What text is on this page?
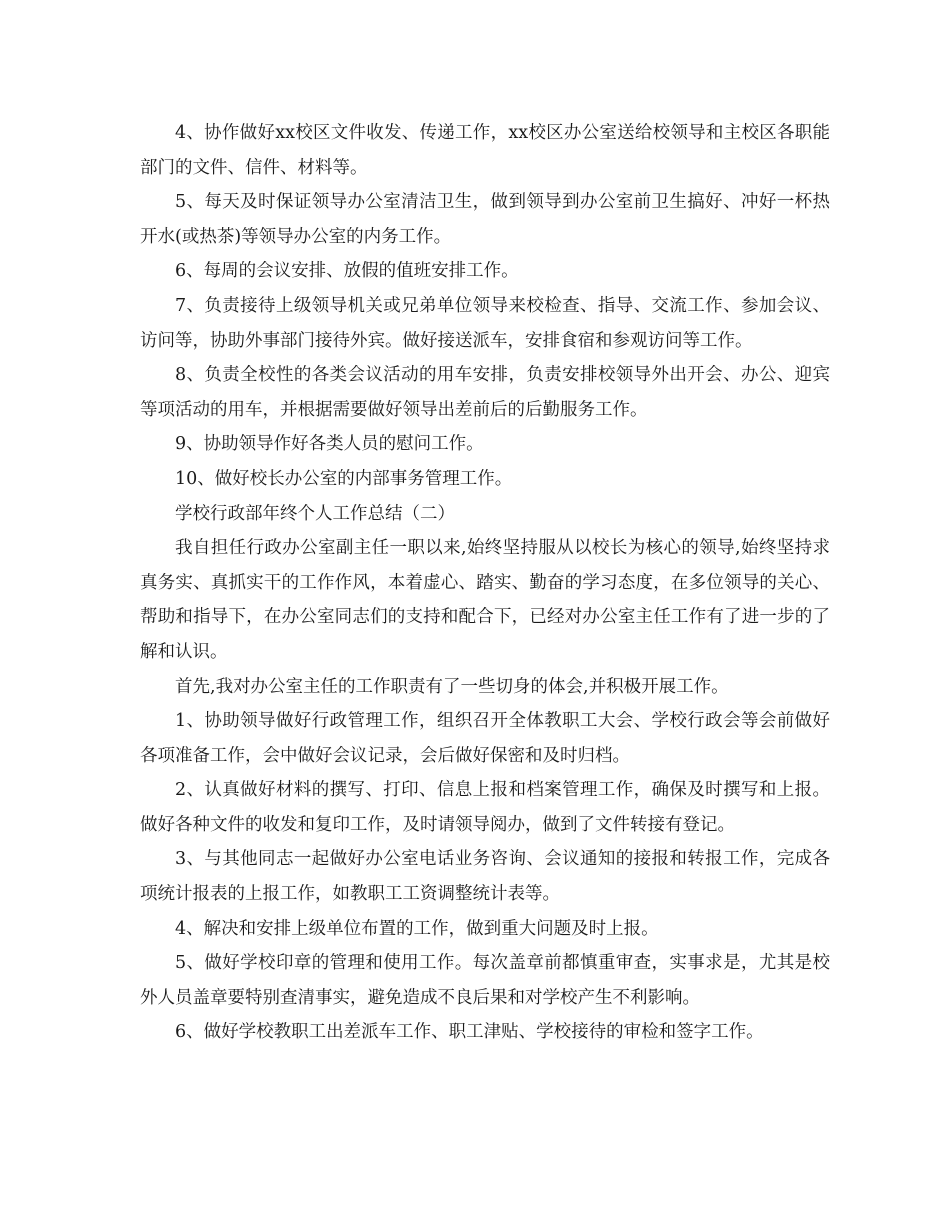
4、协作做好xx校区文件收发、传递工作，xx校区办公室送给校领导和主校区各职能部门的文件、信件、材料等。

5、每天及时保证领导办公室清洁卫生，做到领导到办公室前卫生搞好、冲好一杯热开水(或热茶)等领导办公室的内务工作。

6、每周的会议安排、放假的值班安排工作。

7、负责接待上级领导机关或兄弟单位领导来校检查、指导、交流工作、参加会议、访问等，协助外事部门接待外宾。做好接送派车，安排食宿和参观访问等工作。

8、负责全校性的各类会议活动的用车安排，负责安排校领导外出开会、办公、迎宾等项活动的用车，并根据需要做好领导出差前后的后勤服务工作。

9、协助领导作好各类人员的慰问工作。

10、做好校长办公室的内部事务管理工作。

学校行政部年终个人工作总结（二）

我自担任行政办公室副主任一职以来,始终坚持服从以校长为核心的领导,始终坚持求真务实、真抓实干的工作作风，本着虚心、踏实、勤奋的学习态度，在多位领导的关心、帮助和指导下，在办公室同志们的支持和配合下，已经对办公室主任工作有了进一步的了解和认识。

首先,我对办公室主任的工作职责有了一些切身的体会,并积极开展工作。

1、协助领导做好行政管理工作，组织召开全体教职工大会、学校行政会等会前做好各项准备工作，会中做好会议记录，会后做好保密和及时归档。

2、认真做好材料的撰写、打印、信息上报和档案管理工作，确保及时撰写和上报。做好各种文件的收发和复印工作，及时请领导阅办，做到了文件转接有登记。

3、与其他同志一起做好办公室电话业务咨询、会议通知的接报和转报工作，完成各项统计报表的上报工作，如教职工工资调整统计表等。

4、解决和安排上级单位布置的工作，做到重大问题及时上报。

5、做好学校印章的管理和使用工作。每次盖章前都慎重审查，实事求是，尤其是校外人员盖章要特别查清事实，避免造成不良后果和对学校产生不利影响。

6、做好学校教职工出差派车工作、职工津贴、学校接待的审检和签字工作。
